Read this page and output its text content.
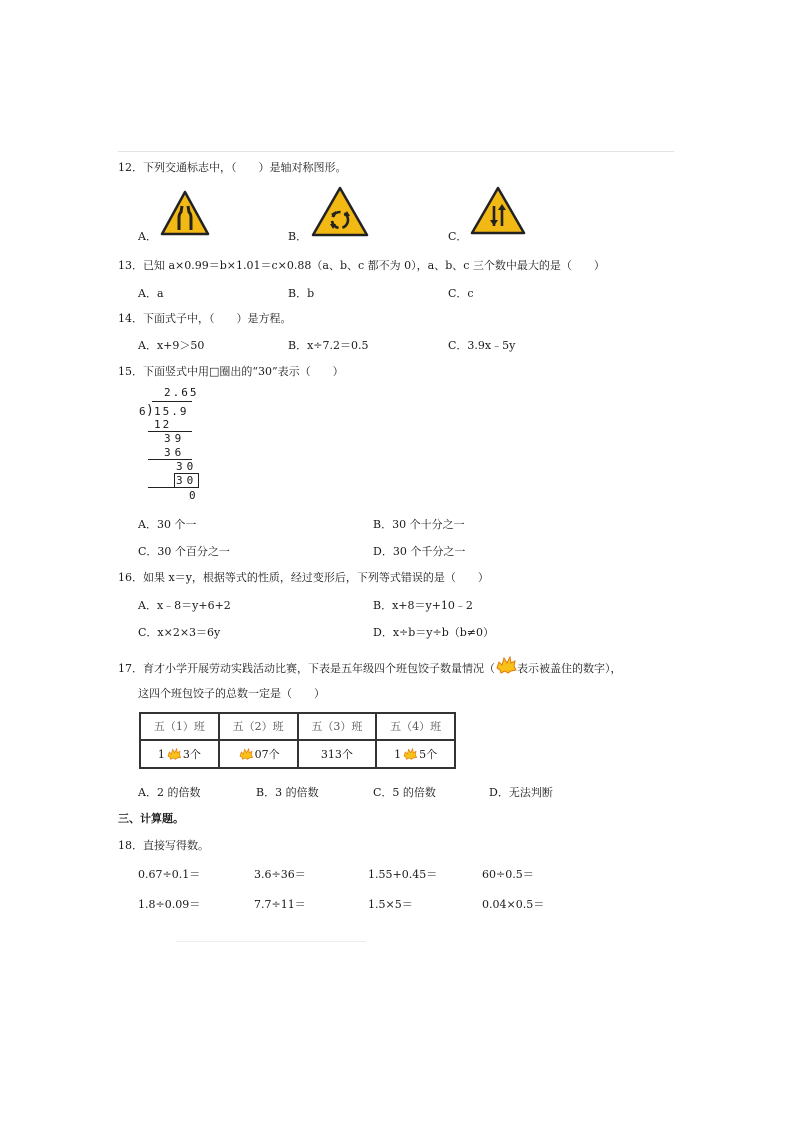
12．下列交通标志中，（　　）是轴对称图形。
A．	B．	C．
13．已知 a×0.99＝b×1.01＝c×0.88（a、b、c 都不为 0），a、b、c 三个数中最大的是（　　）
A．a	B．b	C．c
14．下面式子中，（　　）是方程。
A．x+9＞50	B．x÷7.2＝0.5	C．3.9x﹣5y
15．下面竖式中用□圈出的“30”表示（　　）
2.65
6 ) 15.9
12
39
36
30
30
0
A．30 个一	B．30 个十分之一
C．30 个百分之一	D．30 个千分之一
16．如果 x＝y，根据等式的性质，经过变形后，下列等式错误的是（　　）
A．x﹣8＝y+6+2	B．x+8＝y+10﹣2
C．x×2×3＝6y	D．x÷b＝y÷b（b≠0）
17．育才小学开展劳动实践活动比赛，下表是五年级四个班包饺子数量情况（ 表示被盖住的数字），
这四个班包饺子的总数一定是（　　）
五（1）班	五（2）班	五（3）班	五（4）班
1 3个	07个	313个	1 5个
A．2 的倍数	B．3 的倍数	C．5 的倍数	D．无法判断
三、计算题。
18．直接写得数。
0.67÷0.1＝	3.6÷36＝	1.55+0.45＝	60÷0.5＝
1.8÷0.09＝	7.7÷11＝	1.5×5＝	0.04×0.5＝
